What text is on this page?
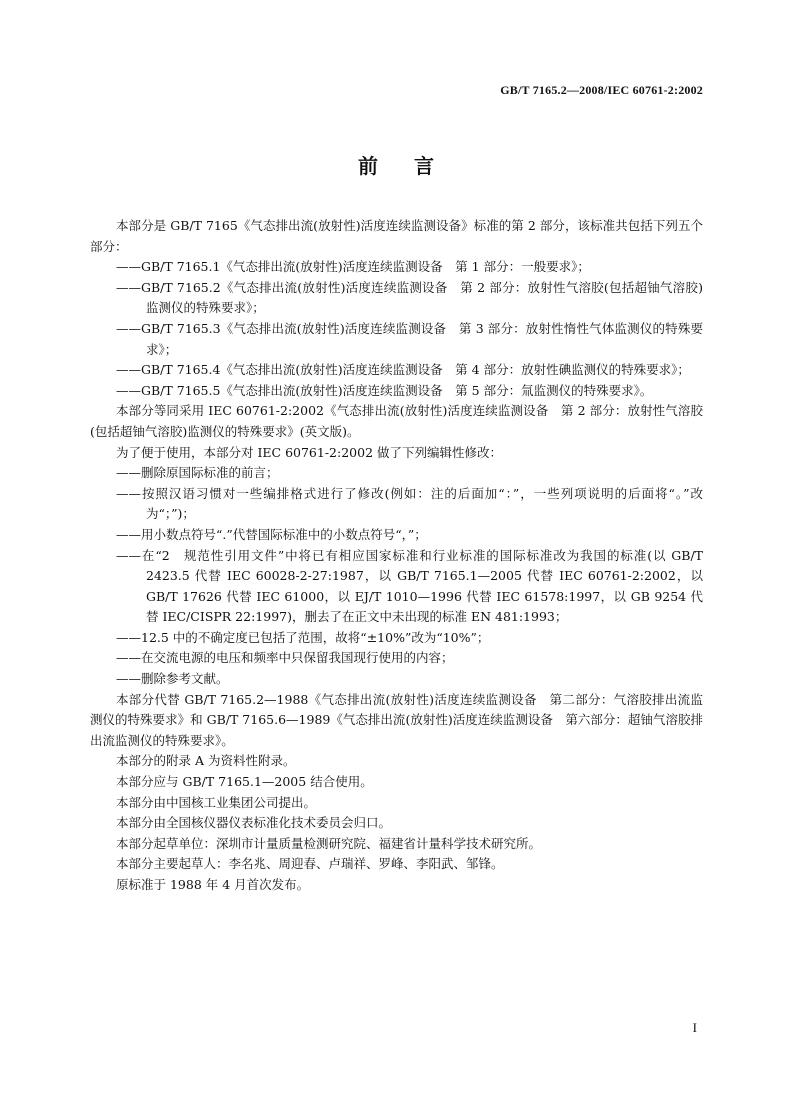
GB/T 7165.2—2008/IEC 60761-2:2002
前言

本部分是 GB/T 7165《气态排出流(放射性)活度连续监测设备》标准的第 2 部分，该标准共包括下列五个部分：

——GB/T 7165.1《气态排出流(放射性)活度连续监测设备　第 1 部分：一般要求》；

——GB/T 7165.2《气态排出流(放射性)活度连续监测设备　第 2 部分：放射性气溶胶(包括超铀气溶胶)监测仪的特殊要求》；

——GB/T 7165.3《气态排出流(放射性)活度连续监测设备　第 3 部分：放射性惰性气体监测仪的特殊要求》；

——GB/T 7165.4《气态排出流(放射性)活度连续监测设备　第 4 部分：放射性碘监测仪的特殊要求》；

——GB/T 7165.5《气态排出流(放射性)活度连续监测设备　第 5 部分：氚监测仪的特殊要求》。

本部分等同采用 IEC 60761-2:2002《气态排出流(放射性)活度连续监测设备　第 2 部分：放射性气溶胶(包括超铀气溶胶)监测仪的特殊要求》(英文版)。

为了便于使用，本部分对 IEC 60761-2:2002 做了下列编辑性修改：

——删除原国际标准的前言；

——按照汉语习惯对一些编排格式进行了修改(例如：注的后面加“：”，一些列项说明的后面将“。”改为“；”)；

——用小数点符号“.”代替国际标准中的小数点符号“，”；

——在“2　规范性引用文件”中将已有相应国家标准和行业标准的国际标准改为我国的标准(以 GB/T 2423.5 代替 IEC 60028-2-27:1987，以 GB/T 7165.1—2005 代替 IEC 60761-2:2002，以 GB/T 17626 代替 IEC 61000，以 EJ/T 1010—1996 代替 IEC 61578:1997，以 GB 9254 代替 IEC/CISPR 22:1997)，删去了在正文中未出现的标准 EN 481:1993；

——12.5 中的不确定度已包括了范围，故将“±10%”改为“10%”；

——在交流电源的电压和频率中只保留我国现行使用的内容；

——删除参考文献。

本部分代替 GB/T 7165.2—1988《气态排出流(放射性)活度连续监测设备　第二部分：气溶胶排出流监测仪的特殊要求》和 GB/T 7165.6—1989《气态排出流(放射性)活度连续监测设备　第六部分：超铀气溶胶排出流监测仪的特殊要求》。

本部分的附录 A 为资料性附录。

本部分应与 GB/T 7165.1—2005 结合使用。

本部分由中国核工业集团公司提出。

本部分由全国核仪器仪表标准化技术委员会归口。

本部分起草单位：深圳市计量质量检测研究院、福建省计量科学技术研究所。

本部分主要起草人：李名兆、周迎春、卢瑞祥、罗峰、李阳武、邹锋。

原标准于 1988 年 4 月首次发布。

I
